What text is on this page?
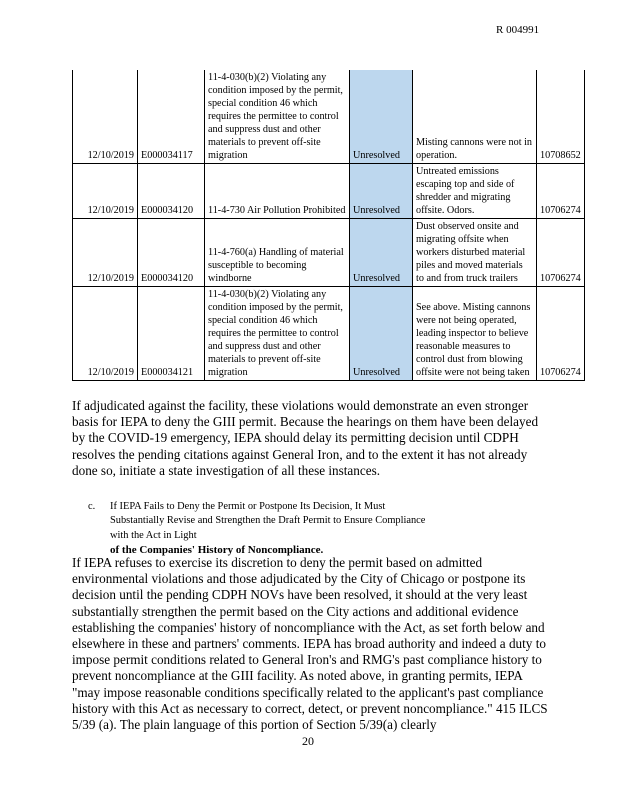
R 004991
12/10/2019	E000034117	11-4-030(b)(2) Violating any condition imposed by the permit, special condition 46 which requires the permittee to control and suppress dust and other materials to prevent off-site migration	Unresolved	Misting cannons were not in operation.	10708652
12/10/2019	E000034120	11-4-730 Air Pollution Prohibited	Unresolved	Untreated emissions escaping top and side of shredder and migrating offsite. Odors.	10706274
12/10/2019	E000034120	11-4-760(a) Handling of material susceptible to becoming windborne	Unresolved	Dust observed onsite and migrating offsite when workers disturbed material piles and moved materials to and from truck trailers	10706274
12/10/2019	E000034121	11-4-030(b)(2) Violating any condition imposed by the permit, special condition 46 which requires the permittee to control and suppress dust and other materials to prevent off-site migration	Unresolved	See above. Misting cannons were not being operated, leading inspector to believe reasonable measures to control dust from blowing offsite were not being taken	10706274
If adjudicated against the facility, these violations would demonstrate an even stronger basis for IEPA to deny the GIII permit. Because the hearings on them have been delayed by the COVID-19 emergency, IEPA should delay its permitting decision until CDPH resolves the pending citations against General Iron, and to the extent it has not already done so, initiate a state investigation of all these instances.
c. If IEPA Fails to Deny the Permit or Postpone Its Decision, It Must Substantially Revise and Strengthen the Draft Permit to Ensure Compliance with the Act in Light
of the Companies' History of Noncompliance.
If IEPA refuses to exercise its discretion to deny the permit based on admitted environmental violations and those adjudicated by the City of Chicago or postpone its decision until the pending CDPH NOVs have been resolved, it should at the very least substantially strengthen the permit based on the City actions and additional evidence establishing the companies' history of noncompliance with the Act, as set forth below and elsewhere in these and partners' comments. IEPA has broad authority and indeed a duty to impose permit conditions related to General Iron's and RMG's past compliance history to prevent noncompliance at the GIII facility. As noted above, in granting permits, IEPA "may impose reasonable conditions specifically related to the applicant's past compliance history with this Act as necessary to correct, detect, or prevent noncompliance." 415 ILCS 5/39 (a). The plain language of this portion of Section 5/39(a) clearly
20
